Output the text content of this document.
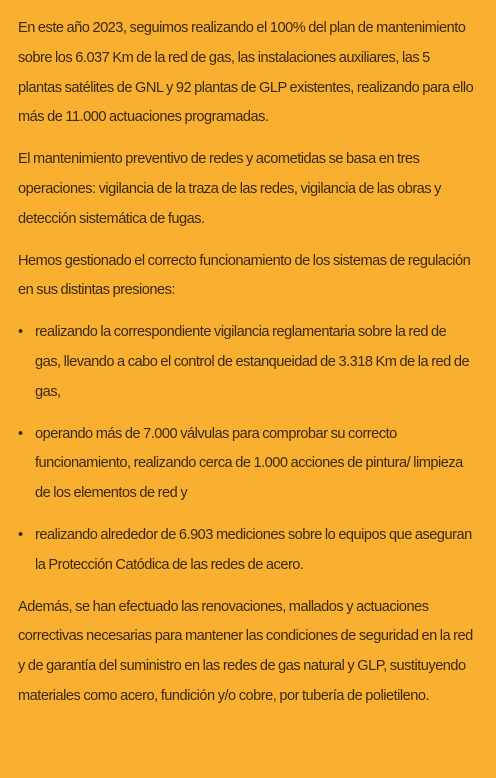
En este año 2023, seguimos realizando el 100% del plan de mantenimiento sobre los 6.037 Km de la red de gas, las instalaciones auxiliares, las 5 plantas satélites de GNL y 92 plantas de GLP existentes, realizando para ello más de 11.000 actuaciones programadas.

El mantenimiento preventivo de redes y acometidas se basa en tres operaciones: vigilancia de la traza de las redes, vigilancia de las obras y detección sistemática de fugas.

Hemos gestionado el correcto funcionamiento de los sistemas de regulación en sus distintas presiones:

• realizando la correspondiente vigilancia reglamentaria sobre la red de gas, llevando a cabo el control de estanqueidad de 3.318 Km de la red de gas,
• operando más de 7.000 válvulas para comprobar su correcto funcionamiento, realizando cerca de 1.000 acciones de pintura/ limpieza de los elementos de red y
• realizando alrededor de 6.903 mediciones sobre lo equipos que aseguran la Protección Catódica de las redes de acero.

Además, se han efectuado las renovaciones, mallados y actuaciones correctivas necesarias para mantener las condiciones de seguridad en la red y de garantía del suministro en las redes de gas natural y GLP, sustituyendo materiales como acero, fundición y/o cobre, por tubería de polietileno.
